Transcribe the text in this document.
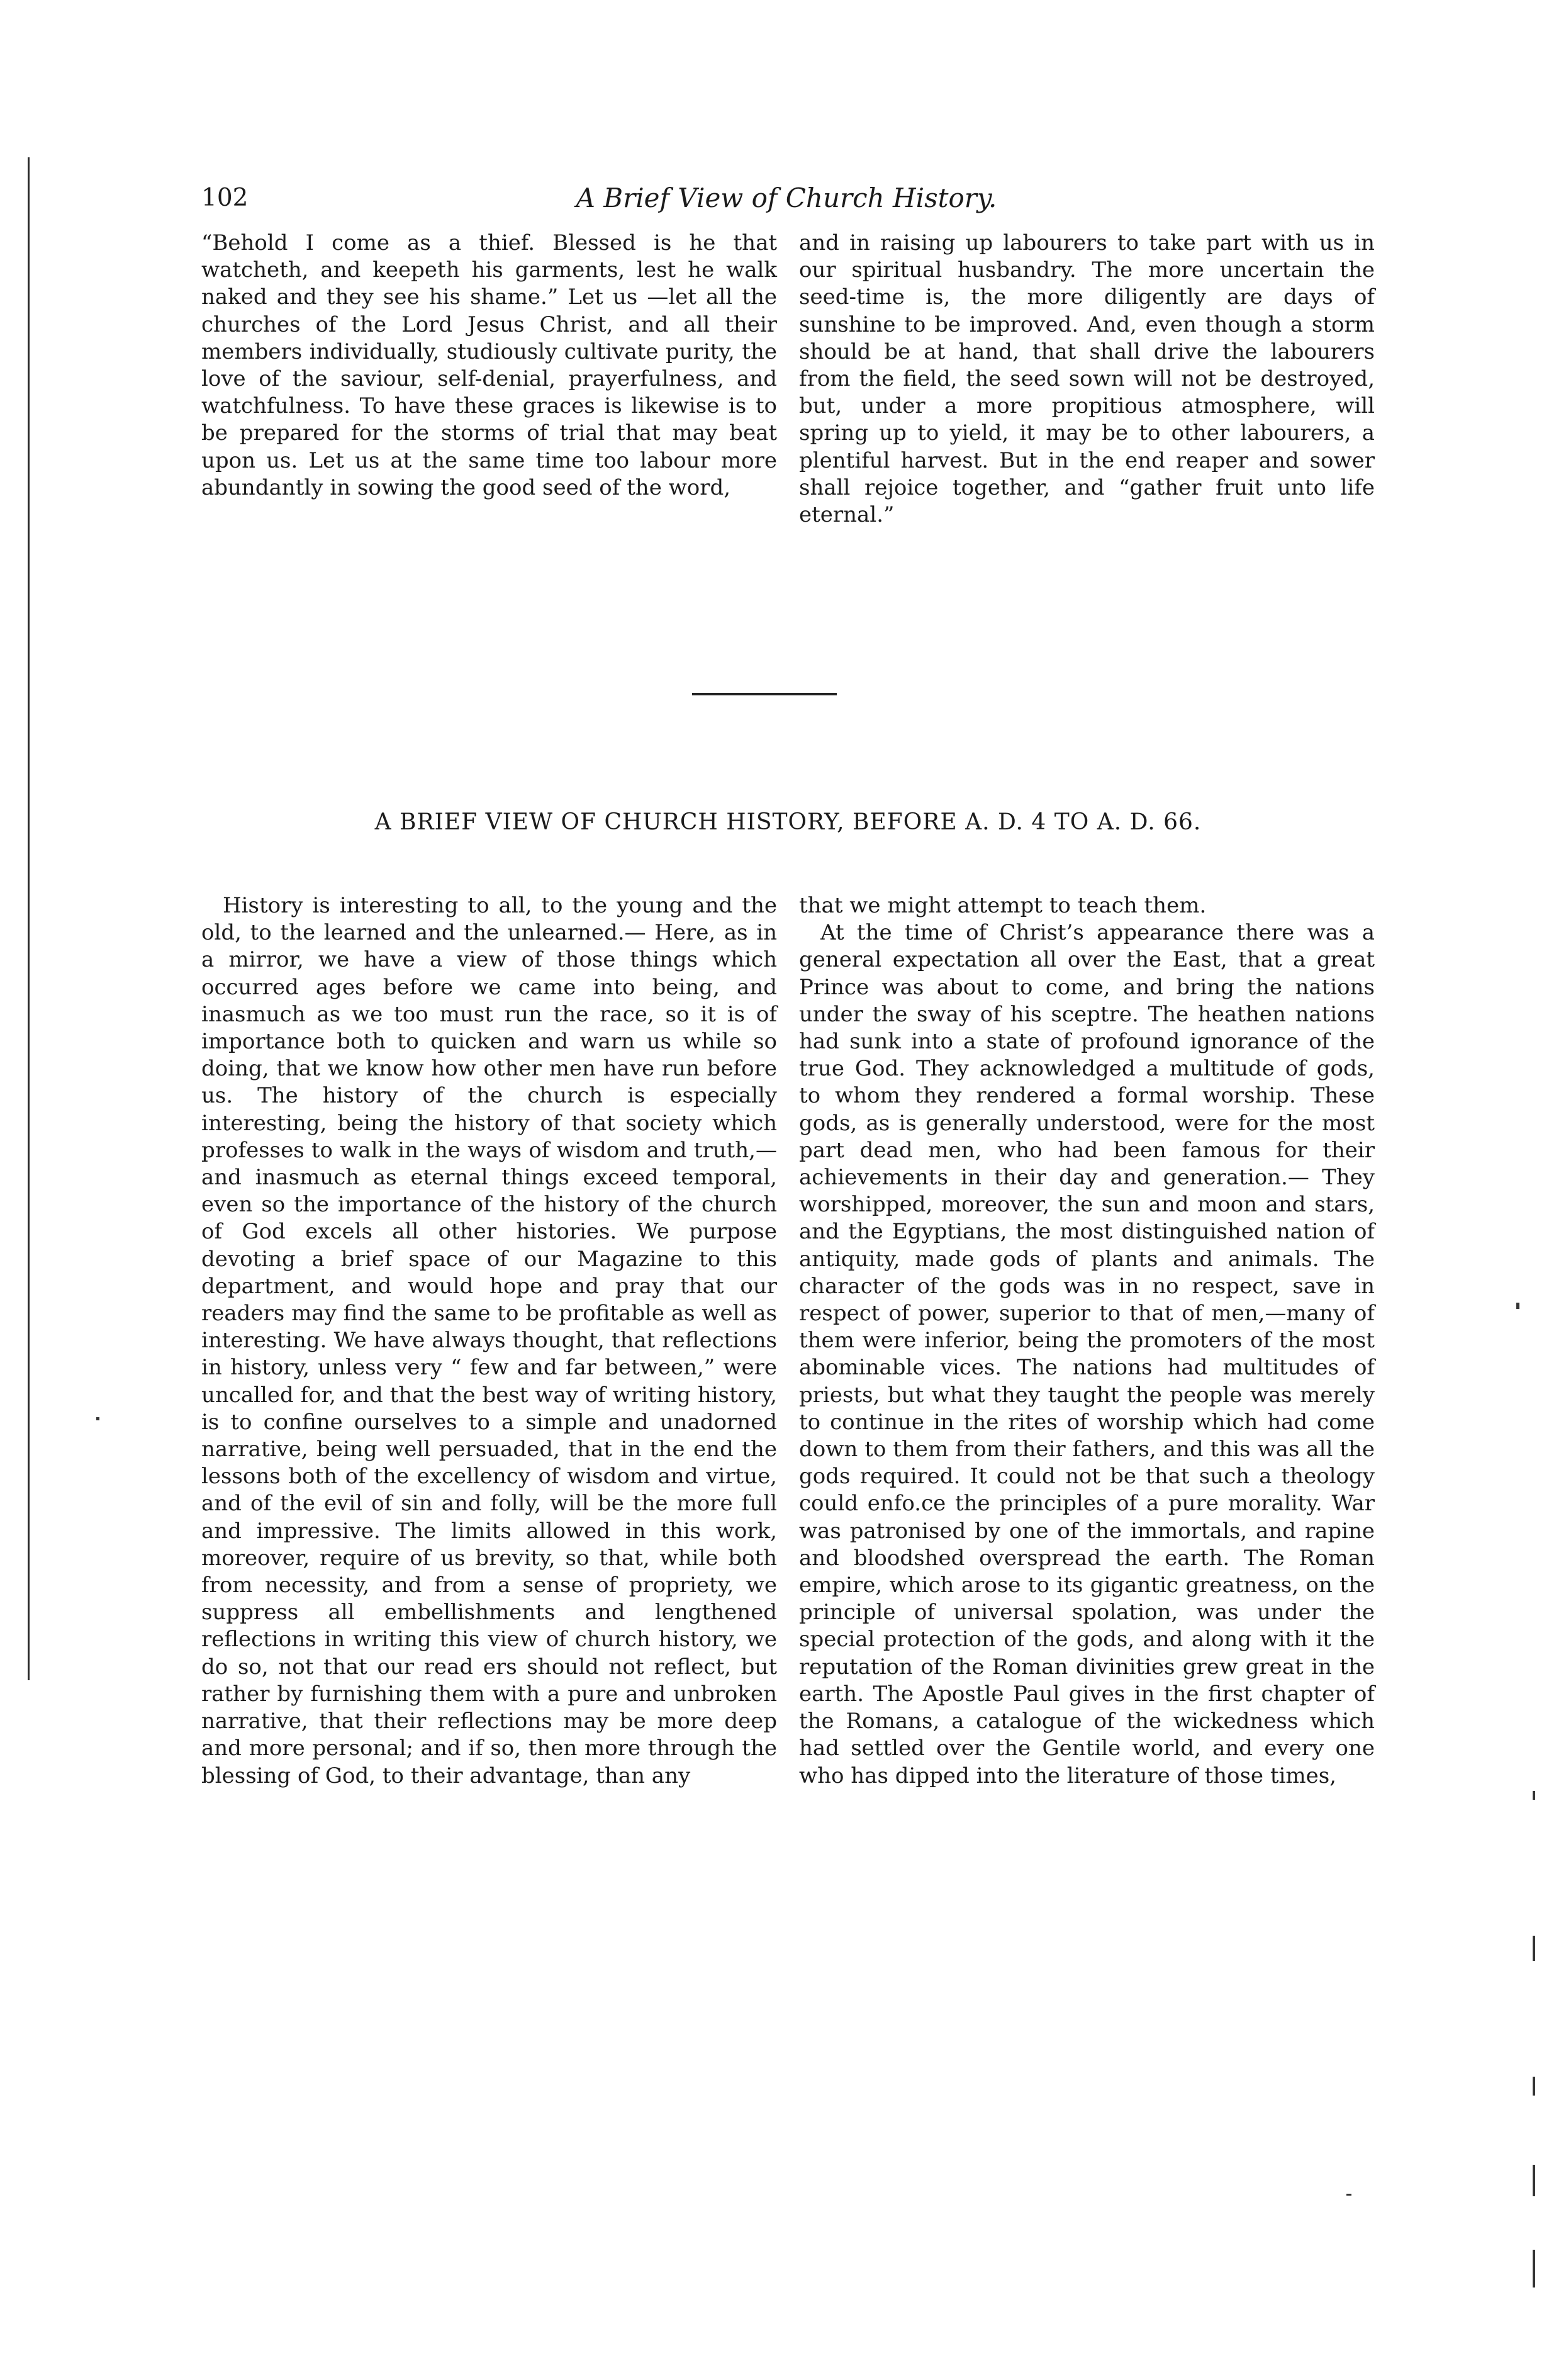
102	A Brief View of Church History.

“Behold I come as a thief. Blessed is he that watcheth, and keepeth his garments, lest he walk naked and they see his shame.” Let us —let all the churches of the Lord Jesus Christ, and all their members individually, studiously cultivate purity, the love of the saviour, self-denial, prayerfulness, and watchfulness. To have these graces is likewise is to be prepared for the storms of trial that may beat upon us. Let us at the same time too labour more abundantly in sowing the good seed of the word,

and in raising up labourers to take part with us in our spiritual husbandry. The more uncertain the seed-time is, the more diligently are days of sunshine to be improved. And, even though a storm should be at hand, that shall drive the labourers from the field, the seed sown will not be destroyed, but, under a more propitious atmosphere, will spring up to yield, it may be to other labourers, a plentiful harvest. But in the end reaper and sower shall rejoice together, and “gather fruit unto life eternal.”

A BRIEF VIEW OF CHURCH HISTORY, BEFORE A. D. 4 TO A. D. 66.

History is interesting to all, to the young and the old, to the learned and the unlearned.— Here, as in a mirror, we have a view of those things which occurred ages before we came into being, and inasmuch as we too must run the race, so it is of importance both to quicken and warn us while so doing, that we know how other men have run before us. The history of the church is especially interesting, being the history of that society which professes to walk in the ways of wisdom and truth,—and inasmuch as eternal things exceed temporal, even so the importance of the history of the church of God excels all other histories. We purpose devoting a brief space of our Magazine to this department, and would hope and pray that our readers may find the same to be profitable as well as interesting. We have always thought, that reflections in history, unless very “ few and far between,” were uncalled for, and that the best way of writing history, is to confine ourselves to a simple and unadorned narrative, being well persuaded, that in the end the lessons both of the excellency of wisdom and virtue, and of the evil of sin and folly, will be the more full and impressive. The limits allowed in this work, moreover, require of us brevity, so that, while both from necessity, and from a sense of propriety, we suppress all embellishments and lengthened reflections in writing this view of church history, we do so, not that our read ers should not reflect, but rather by furnishing them with a pure and unbroken narrative, that their reflections may be more deep and more personal; and if so, then more through the blessing of God, to their advantage, than any

that we might attempt to teach them.

At the time of Christ’s appearance there was a general expectation all over the East, that a great Prince was about to come, and bring the nations under the sway of his sceptre. The heathen nations had sunk into a state of profound ignorance of the true God. They acknowledged a multitude of gods, to whom they rendered a formal worship. These gods, as is generally understood, were for the most part dead men, who had been famous for their achievements in their day and generation.— They worshipped, moreover, the sun and moon and stars, and the Egyptians, the most distinguished nation of antiquity, made gods of plants and animals. The character of the gods was in no respect, save in respect of power, superior to that of men,—many of them were inferior, being the promoters of the most abominable vices. The nations had multitudes of priests, but what they taught the people was merely to continue in the rites of worship which had come down to them from their fathers, and this was all the gods required. It could not be that such a theology could enfo.ce the principles of a pure morality. War was patronised by one of the immortals, and rapine and bloodshed overspread the earth. The Roman empire, which arose to its gigantic greatness, on the principle of universal spolation, was under the special protection of the gods, and along with it the reputation of the Roman divinities grew great in the earth. The Apostle Paul gives in the first chapter of the Romans, a catalogue of the wickedness which had settled over the Gentile world, and every one who has dipped into the literature of those times,
